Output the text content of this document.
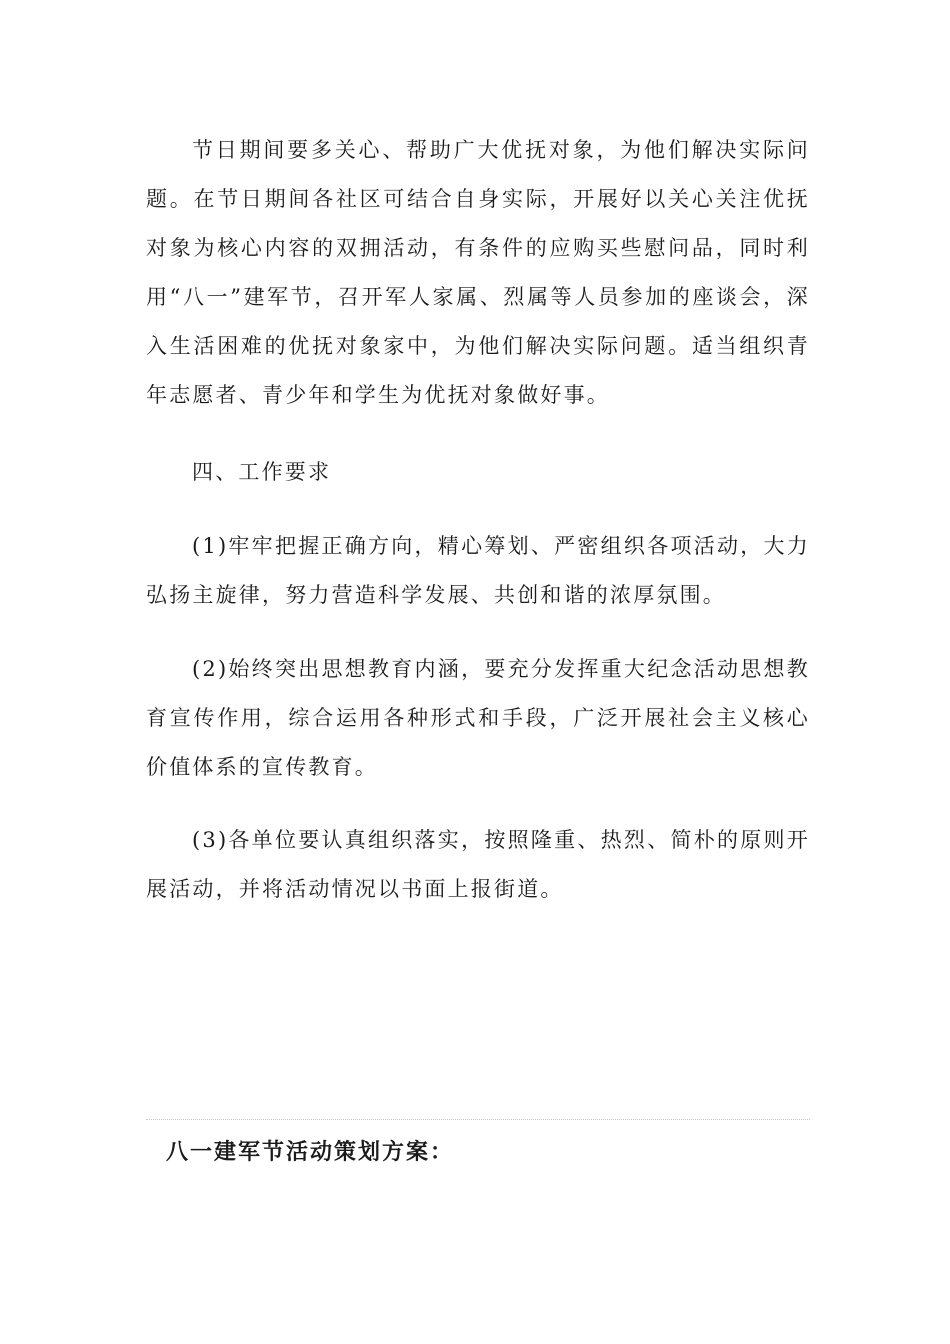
节日期间要多关心、帮助广大优抚对象，为他们解决实际问题。在节日期间各社区可结合自身实际，开展好以关心关注优抚对象为核心内容的双拥活动，有条件的应购买些慰问品，同时利用“八一”建军节，召开军人家属、烈属等人员参加的座谈会，深入生活困难的优抚对象家中，为他们解决实际问题。适当组织青年志愿者、青少年和学生为优抚对象做好事。

四、工作要求

(1)牢牢把握正确方向，精心筹划、严密组织各项活动，大力弘扬主旋律，努力营造科学发展、共创和谐的浓厚氛围。

(2)始终突出思想教育内涵，要充分发挥重大纪念活动思想教育宣传作用，综合运用各种形式和手段，广泛开展社会主义核心价值体系的宣传教育。

(3)各单位要认真组织落实，按照隆重、热烈、简朴的原则开展活动，并将活动情况以书面上报街道。

八一建军节活动策划方案：
